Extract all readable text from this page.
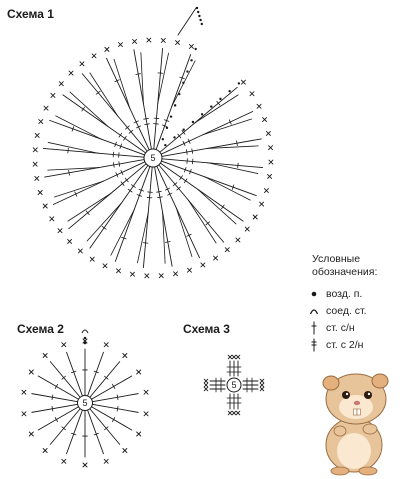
Схема 1
Схема 2	Схема 3
5
5
5
Условные
обозначения:
возд. п.
соед. ст.
ст. с/н
ст. с 2/н
